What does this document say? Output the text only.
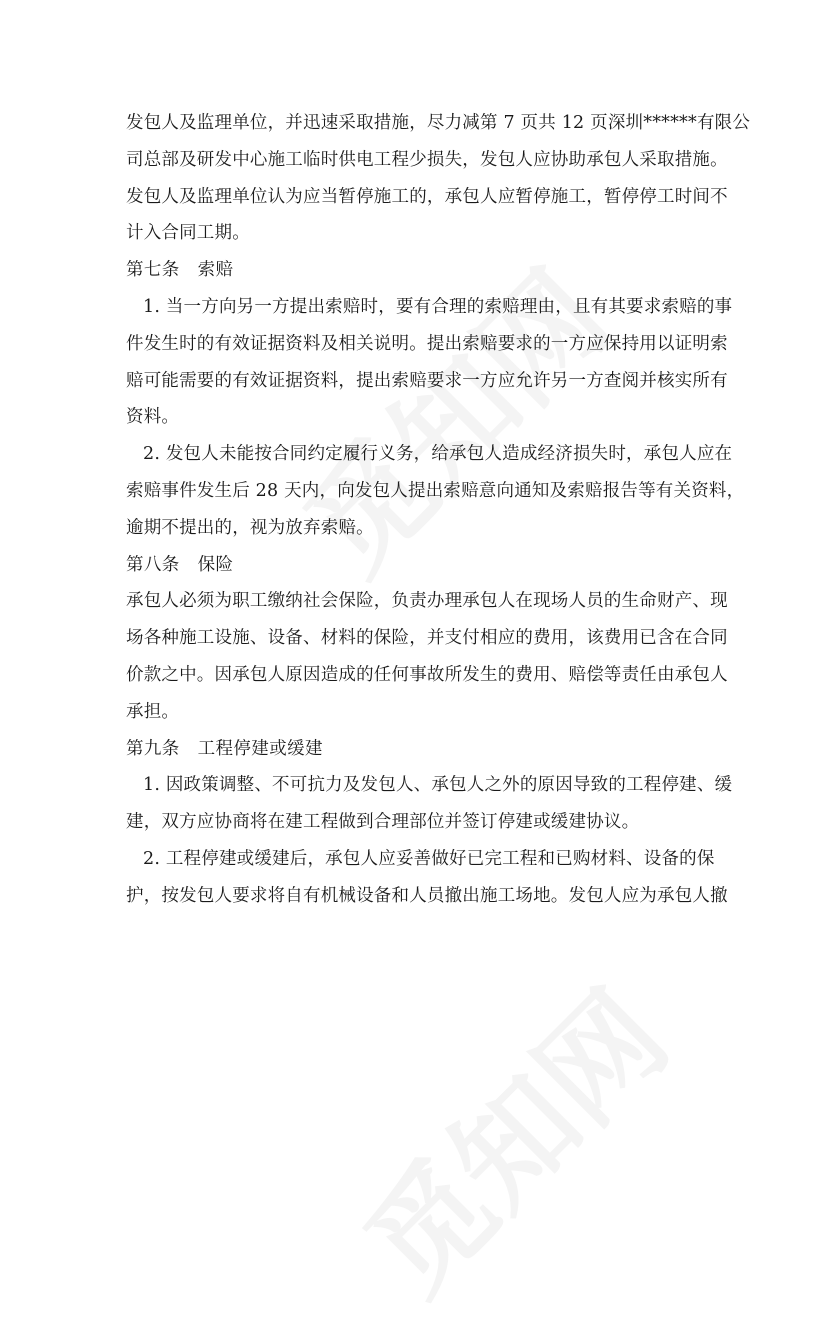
发包人及监理单位，并迅速采取措施，尽力减第 7 页共 12 页深圳******有限公
司总部及研发中心施工临时供电工程少损失，发包人应协助承包人采取措施。
发包人及监理单位认为应当暂停施工的，承包人应暂停施工，暂停停工时间不
计入合同工期。
第七条　索赔
1. 当一方向另一方提出索赔时，要有合理的索赔理由，且有其要求索赔的事
件发生时的有效证据资料及相关说明。提出索赔要求的一方应保持用以证明索
赔可能需要的有效证据资料，提出索赔要求一方应允许另一方查阅并核实所有
资料。
2. 发包人未能按合同约定履行义务，给承包人造成经济损失时，承包人应在
索赔事件发生后 28 天内，向发包人提出索赔意向通知及索赔报告等有关资料，
逾期不提出的，视为放弃索赔。
第八条　保险
承包人必须为职工缴纳社会保险，负责办理承包人在现场人员的生命财产、现
场各种施工设施、设备、材料的保险，并支付相应的费用，该费用已含在合同
价款之中。因承包人原因造成的任何事故所发生的费用、赔偿等责任由承包人
承担。
第九条　工程停建或缓建
1. 因政策调整、不可抗力及发包人、承包人之外的原因导致的工程停建、缓
建，双方应协商将在建工程做到合理部位并签订停建或缓建协议。
2. 工程停建或缓建后，承包人应妥善做好已完工程和已购材料、设备的保
护，按发包人要求将自有机械设备和人员撤出施工场地。发包人应为承包人撤
